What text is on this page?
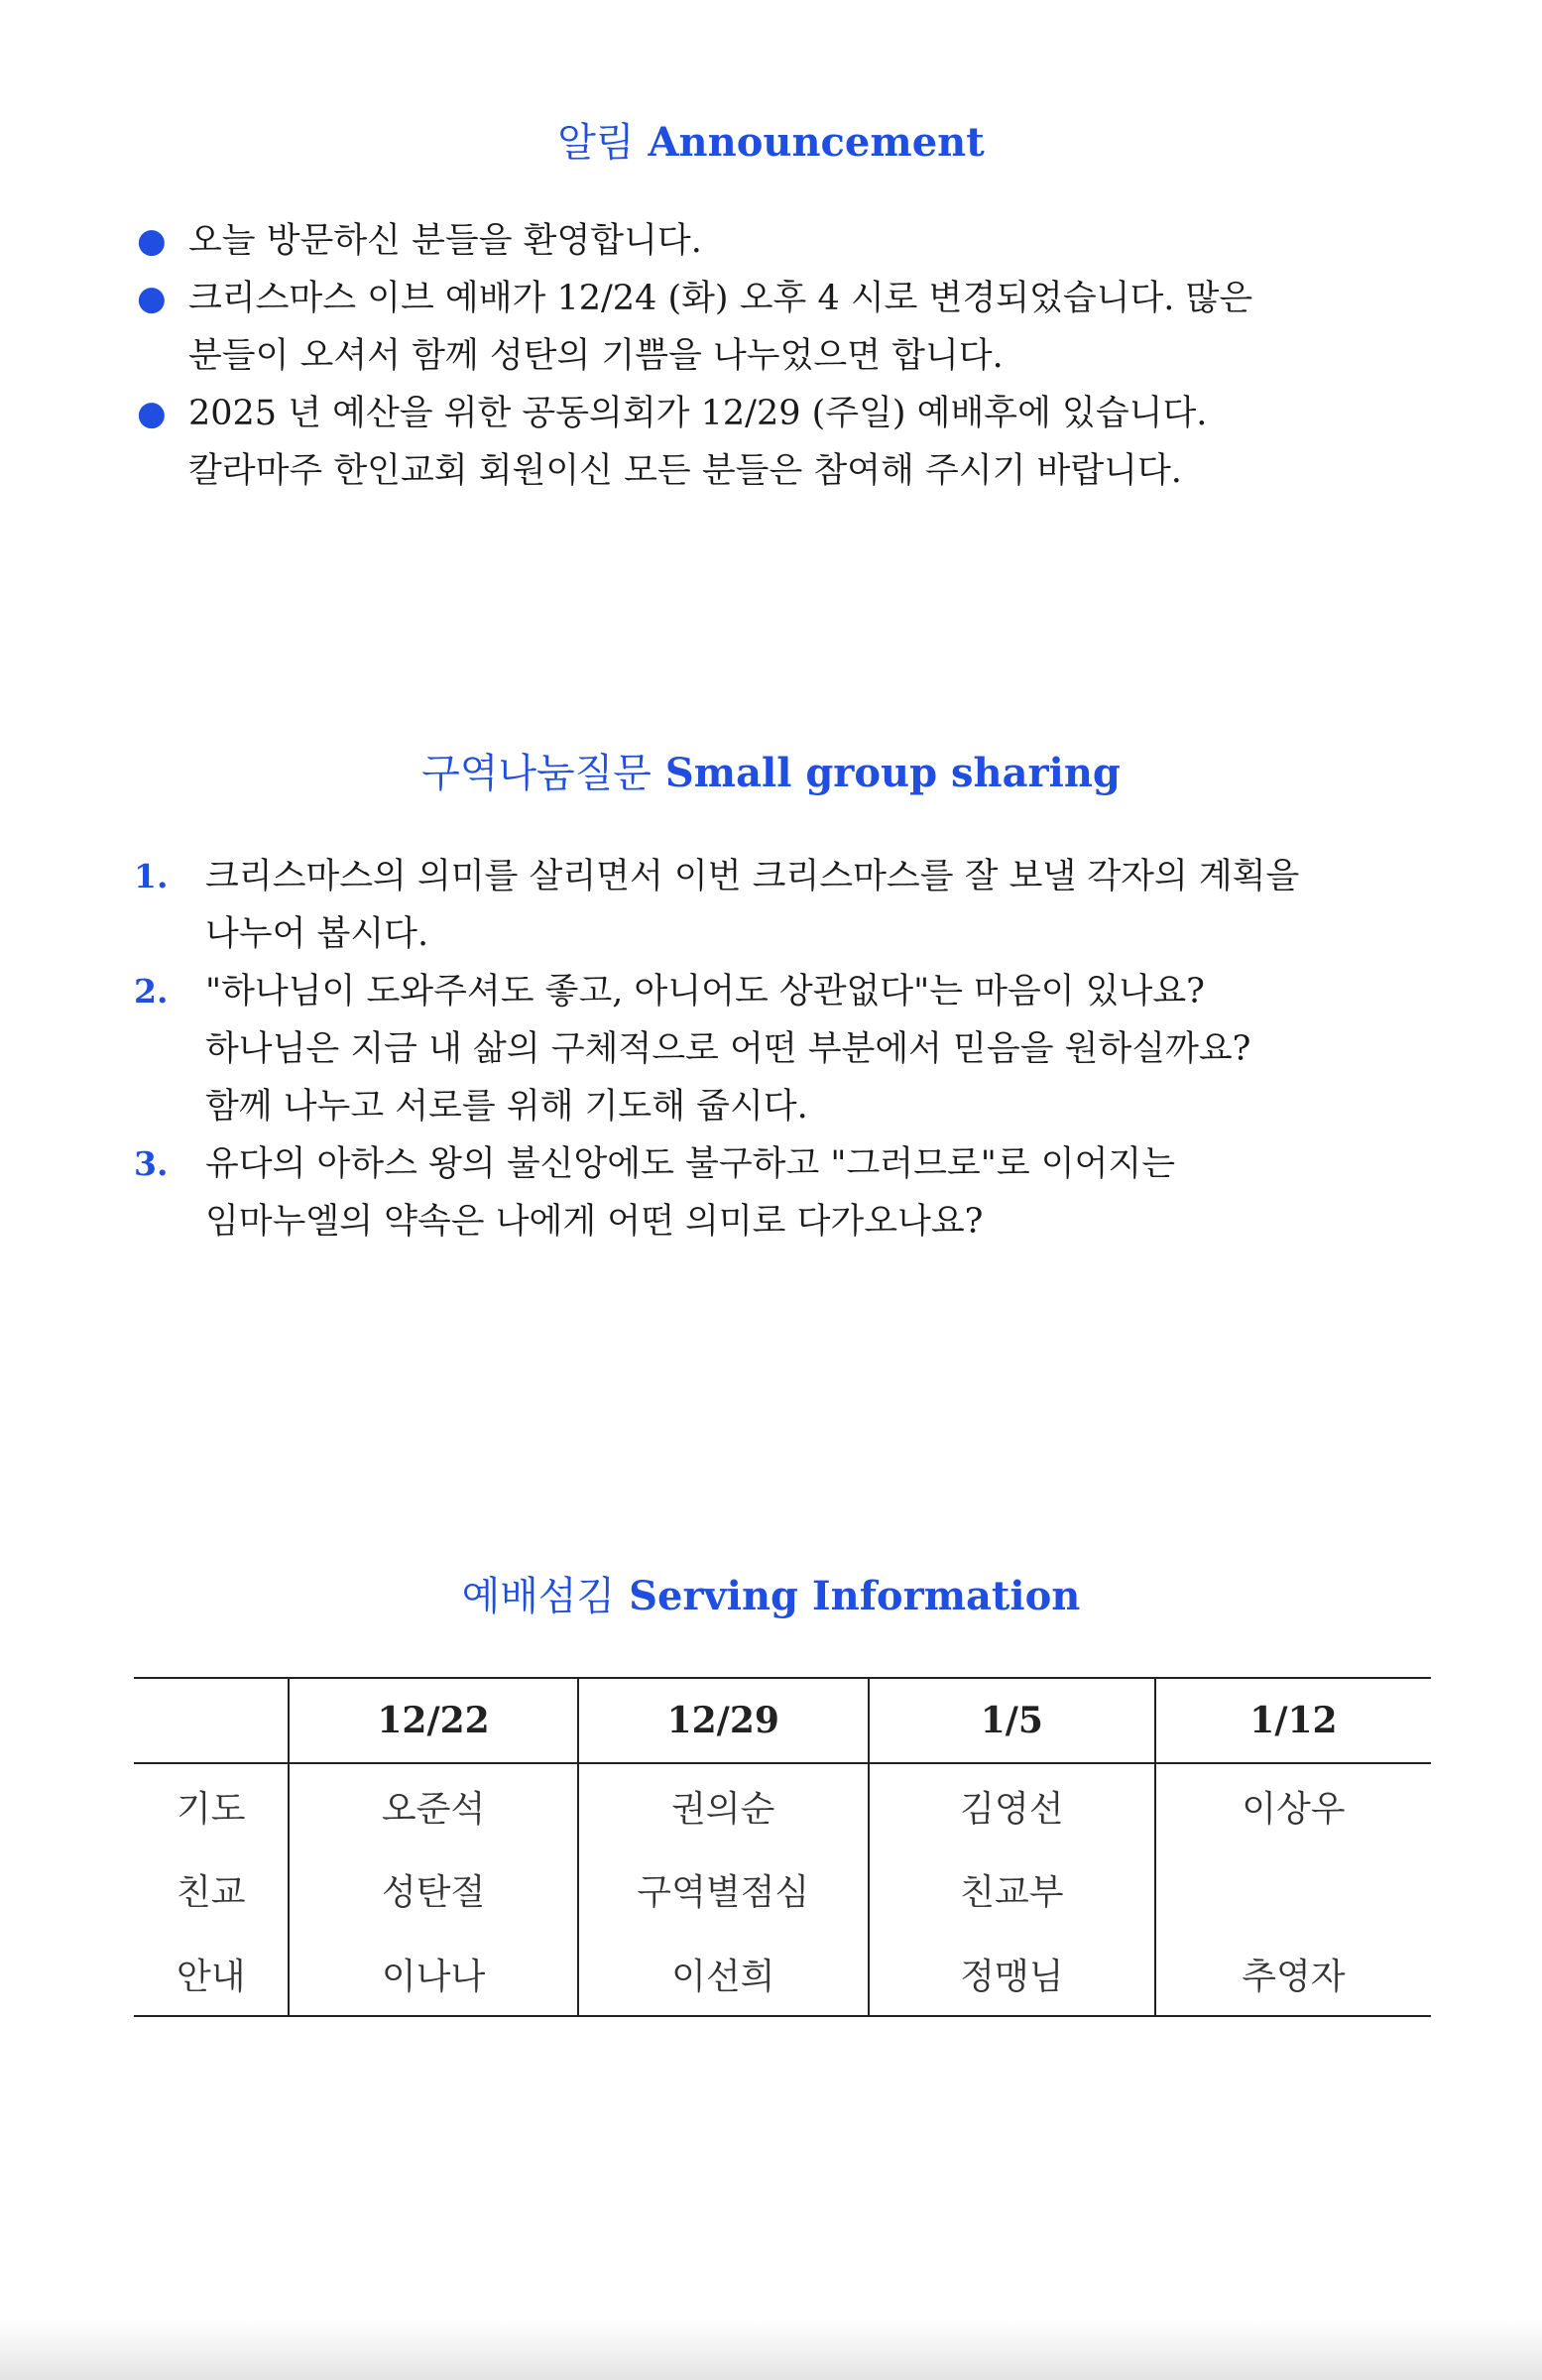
알림 Announcement
● 오늘 방문하신 분들을 환영합니다.
● 크리스마스 이브 예배가 12/24 (화) 오후 4 시로 변경되었습니다. 많은
분들이 오셔서 함께 성탄의 기쁨을 나누었으면 합니다.
● 2025 년 예산을 위한 공동의회가 12/29 (주일) 예배후에 있습니다.
칼라마주 한인교회 회원이신 모든 분들은 참여해 주시기 바랍니다.
구역나눔질문 Small group sharing
1. 크리스마스의 의미를 살리면서 이번 크리스마스를 잘 보낼 각자의 계획을
나누어 봅시다.
2. "하나님이 도와주셔도 좋고, 아니어도 상관없다"는 마음이 있나요?
하나님은 지금 내 삶의 구체적으로 어떤 부분에서 믿음을 원하실까요?
함께 나누고 서로를 위해 기도해 줍시다.
3. 유다의 아하스 왕의 불신앙에도 불구하고 "그러므로"로 이어지는
임마누엘의 약속은 나에게 어떤 의미로 다가오나요?
예배섬김 Serving Information
	12/22	12/29	1/5	1/12
기도	오준석	권의순	김영선	이상우
친교	성탄절	구역별점심	친교부	
안내	이나나	이선희	정맹님	추영자
